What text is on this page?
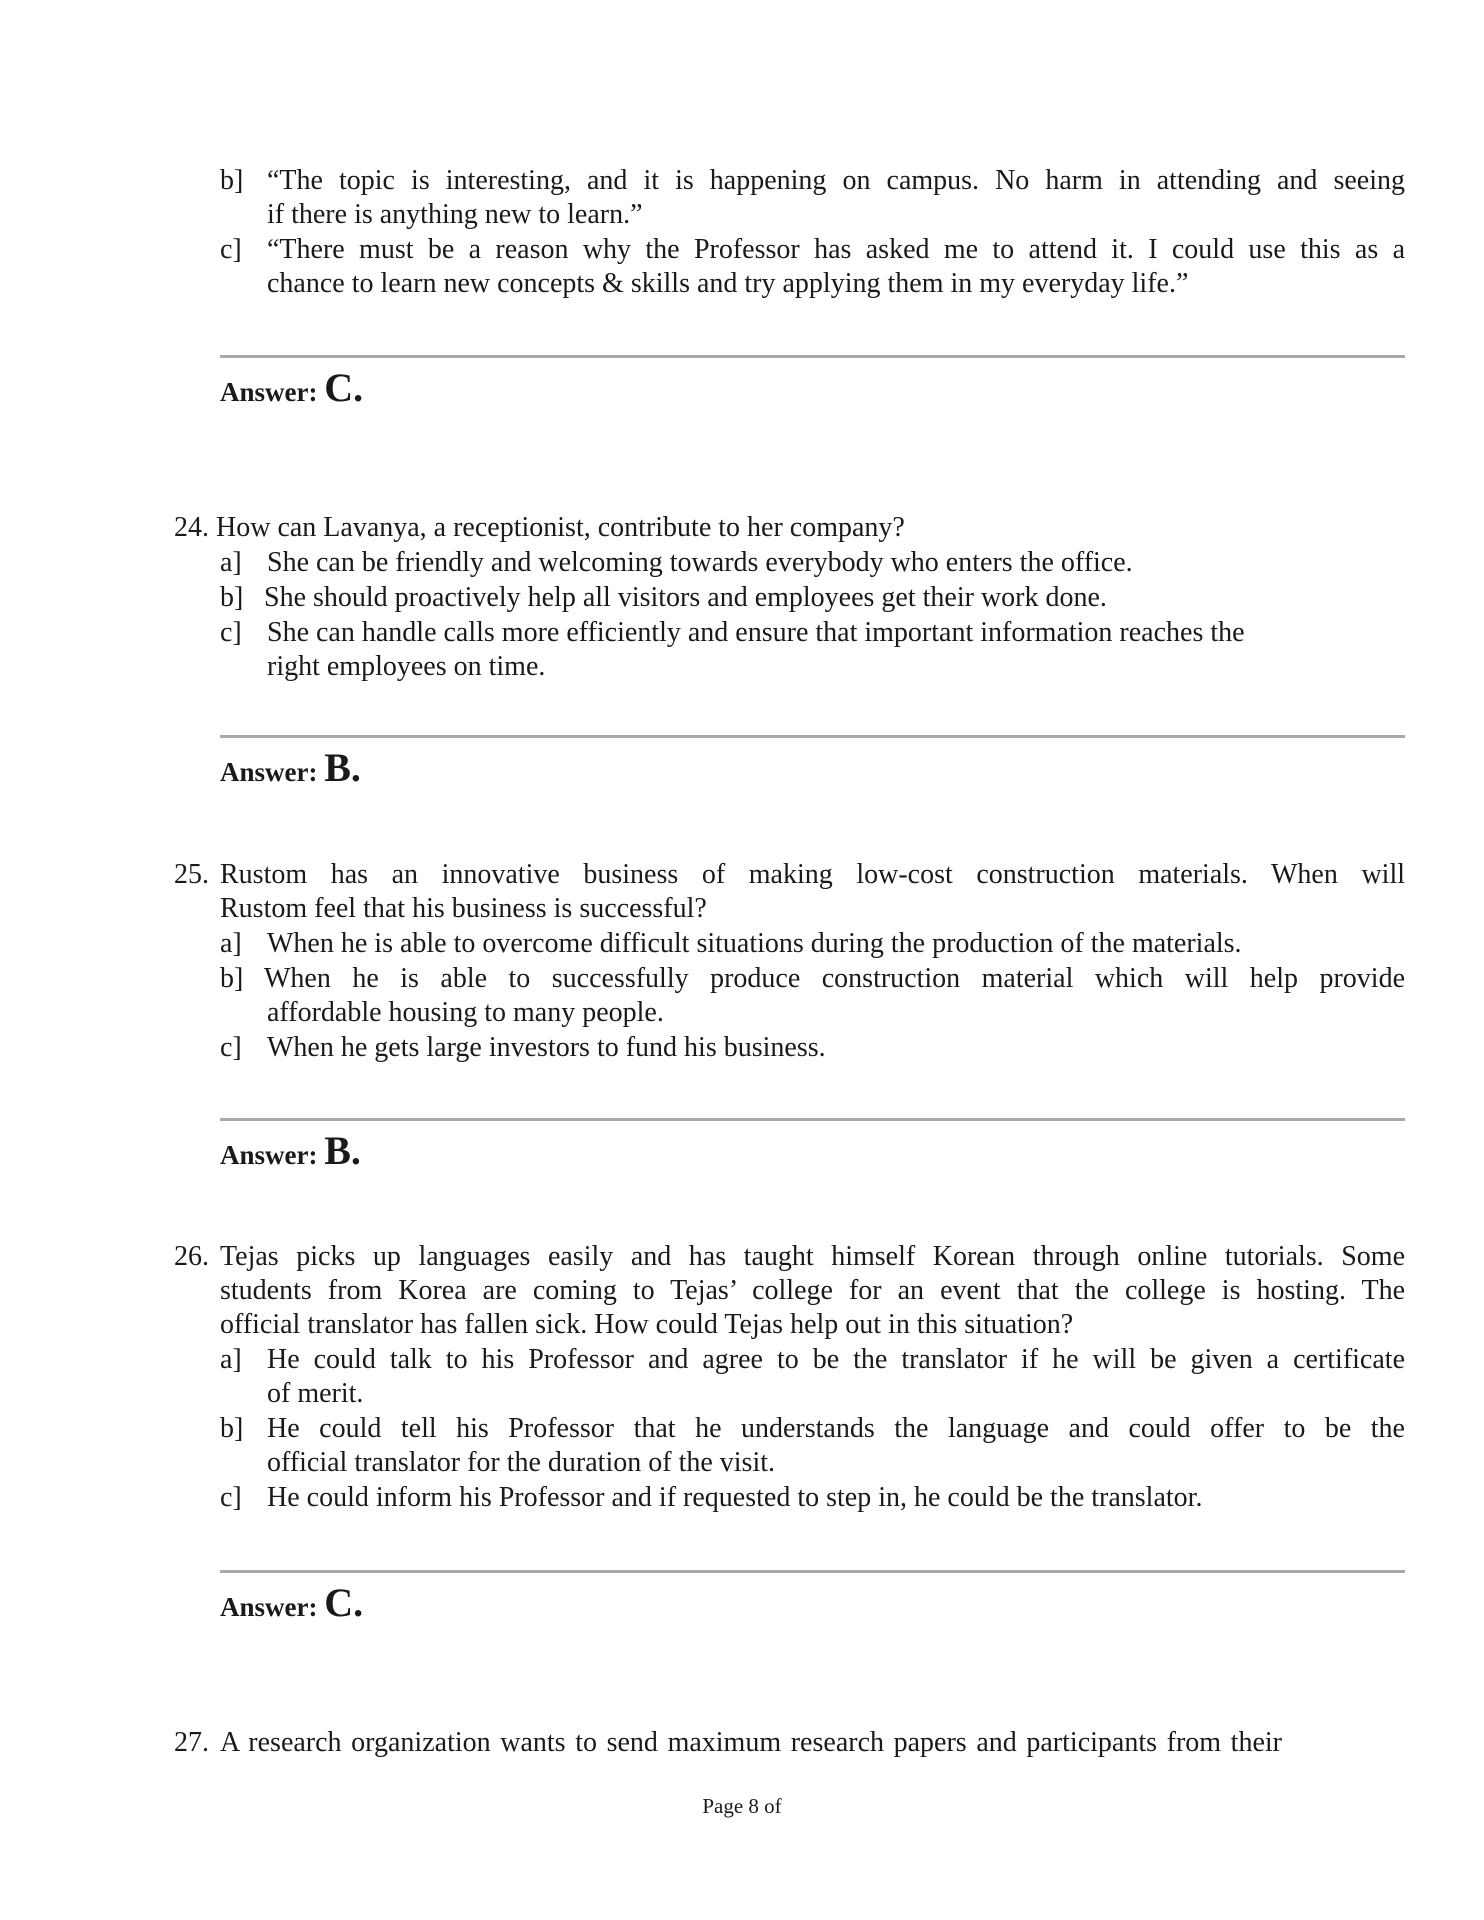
b] “The topic is interesting, and it is happening on campus. No harm in attending and seeing
if there is anything new to learn.”
c] “There must be a reason why the Professor has asked me to attend it. I could use this as a
chance to learn new concepts & skills and try applying them in my everyday life.”
Answer: C.
24. How can Lavanya, a receptionist, contribute to her company?
a] She can be friendly and welcoming towards everybody who enters the office.
b] She should proactively help all visitors and employees get their work done.
c] She can handle calls more efficiently and ensure that important information reaches the
right employees on time.
Answer: B.
25. Rustom has an innovative business of making low-cost construction materials. When will
Rustom feel that his business is successful?
a] When he is able to overcome difficult situations during the production of the materials.
b] When he is able to successfully produce construction material which will help provide
affordable housing to many people.
c] When he gets large investors to fund his business.
Answer: B.
26. Tejas picks up languages easily and has taught himself Korean through online tutorials. Some
students from Korea are coming to Tejas’ college for an event that the college is hosting. The
official translator has fallen sick. How could Tejas help out in this situation?
a] He could talk to his Professor and agree to be the translator if he will be given a certificate
of merit.
b] He could tell his Professor that he understands the language and could offer to be the
official translator for the duration of the visit.
c] He could inform his Professor and if requested to step in, he could be the translator.
Answer: C.
27. A research organization wants to send maximum research papers and participants from their
Page 8 of
